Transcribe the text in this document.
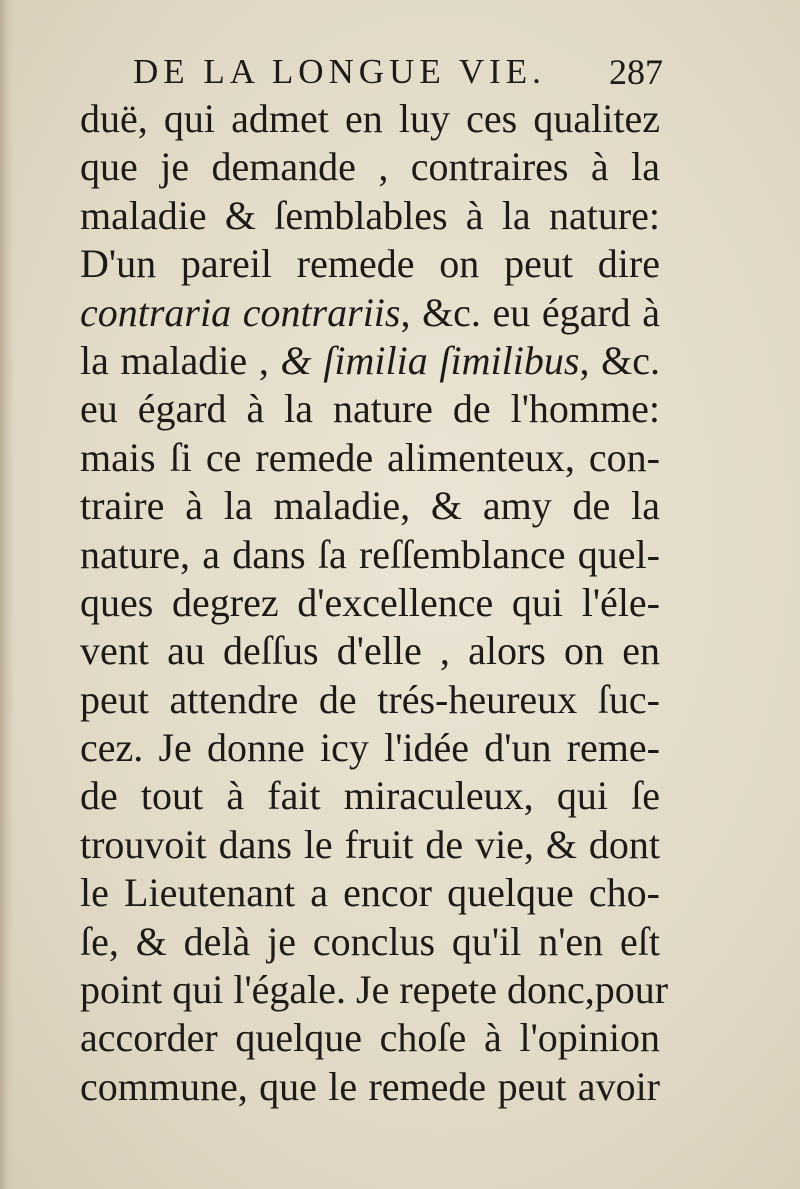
DE LA LONGUE VIE. 287
duë, qui admet en luy ces qualitez
que je demande , contraires à la
maladie & ſemblables à la nature:
D'un pareil remede on peut dire
contraria contrariis, &c. eu égard à
la maladie , & ſimilia ſimilibus, &c.
eu égard à la nature de l'homme:
mais ſi ce remede alimenteux, con-
traire à la maladie, & amy de la
nature, a dans ſa reſſemblance quel-
ques degrez d'excellence qui l'éle-
vent au deſſus d'elle , alors on en
peut attendre de trés-heureux ſuc-
cez. Je donne icy l'idée d'un reme-
de tout à fait miraculeux, qui ſe
trouvoit dans le fruit de vie, & dont
le Lieutenant a encor quelque cho-
ſe, & delà je conclus qu'il n'en eſt
point qui l'égale. Je repete donc,pour
accorder quelque choſe à l'opinion
commune, que le remede peut avoir
